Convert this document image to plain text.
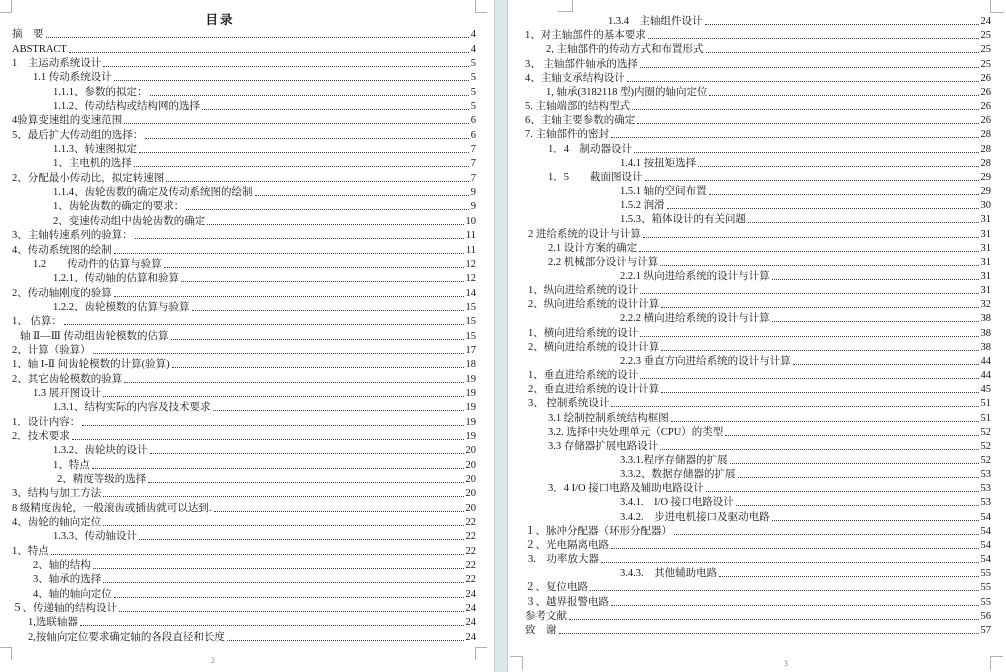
目录
摘　要	4
ABSTRACT	4
1　主运动系统设计	5
1.1 传动系统设计	5
1.1.1、参数的拟定：	5
1.1.2、传动结构或结构网的选择	5
4验算变速组的变速范围	6
5、最后扩大传动组的选择：	6
1.1.3、转速图拟定	7
1、主电机的选择	7
2、分配最小传动比，拟定转速图	7
1.1.4、齿轮齿数的确定及传动系统图的绘制	9
1、齿轮齿数的确定的要求：	9
2、变速传动组中齿轮齿数的确定	10
3、主轴转速系列的验算：	11
4、传动系统图的绘制	11
1.2　　传动件的估算与验算	12
1.2.1、传动轴的估算和验算	12
2、传动轴刚度的验算	14
1.2.2、齿轮模数的估算与验算	15
1、 估算：	15
轴 Ⅱ—Ⅲ 传动组齿轮模数的估算	15
2、计算（验算）	17
1、轴 I-Ⅱ 间齿轮模数的计算(验算)	18
2、其它齿轮模数的验算	19
1.3 展开图设计	19
1.3.1、结构实际的内容及技术要求	19
1．设计内容：	19
2．技术要求	19
1.3.2、齿轮块的设计	20
1、特点	20
2、精度等级的选择	20
3、结构与加工方法	20
8 级精度齿轮，一般滚齿或插齿就可以达到.	20
4、齿轮的轴向定位	22
1.3.3、传动轴设计	22
1、特点	22
2、轴的结构	22
3、轴承的选择	22
4、轴的轴向定位	24
５、传递轴的结构设计	24
1,选联轴器	24
2,按轴向定位要求确定轴的各段直径和长度	24
2
1.3.4　主轴组件设计	24
1、对主轴部件的基本要求	25
2, 主轴部件的传动方式和布置形式	25
3、 主轴部件轴承的选择	25
4、主轴支承结构设计	26
1, 轴承(3182118 型)内圈的轴向定位	26
5. 主轴端部的结构型式	26
6、主轴主要参数的确定	26
7. 主轴部件的密封	28
1．4　制动器设计	28
1.4.1 按扭矩选择	28
1．5　　截面图设计	29
1.5.1 轴的空间布置	29
1.5.2 润滑	30
1.5.3、箱体设计的有关问题	31
2 进给系统的设计与计算	31
2.1 设计方案的确定	31
2.2 机械部分设计与计算	31
2.2.1 纵向进给系统的设计与计算	31
1、纵向进给系统的设计	31
2、纵向进给系统的设计计算	32
2.2.2 横向进给系统的设计与计算	38
1、横向进给系统的设计	38
2、横向进给系统的设计计算	38
2.2.3 垂直方向进给系统的设计与计算	44
1、垂直进给系统的设计	44
2、垂直进给系统的设计计算	45
3、 控制系统设计	51
3.1 绘制控制系统结构框图	51
3.2. 选择中央处理单元（CPU）的类型	52
3.3 存储器扩展电路设计	52
3.3.1.程序存储器的扩展	52
3.3.2、数据存储器的扩展	53
3．4 I/O 接口电路及辅助电路设计	53
3.4.1.　I/O 接口电路设计	53
3.4.2.　步进电机接口及驱动电路	54
１、脉冲分配器（环形分配器）	54
２、光电隔离电路	54
3.　功率放大器	54
3.4.3.　其他辅助电路	55
２、复位电路	55
３、越界报警电路	55
参考文献	56
致　谢	57
3
